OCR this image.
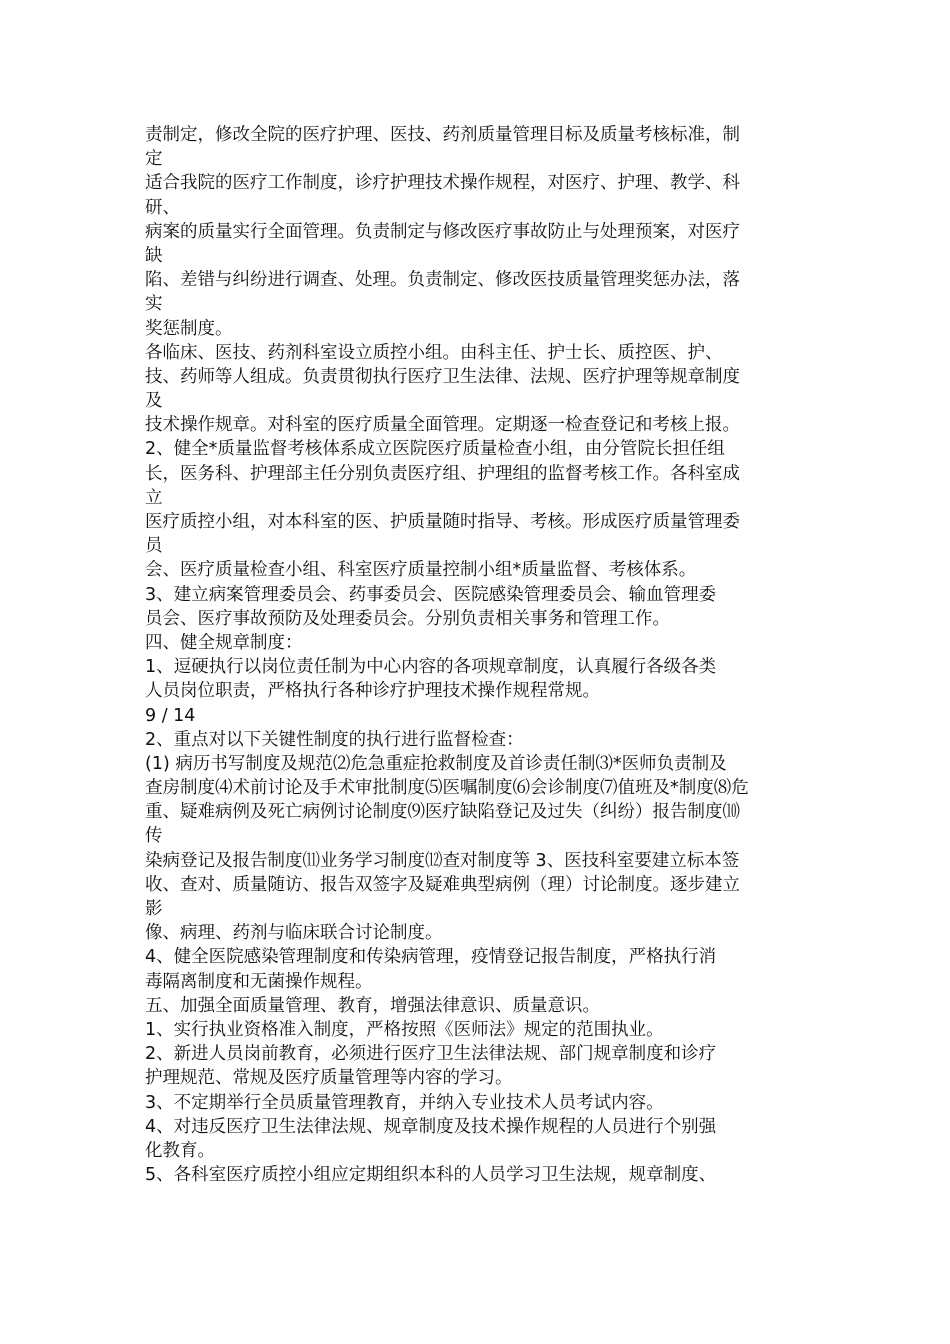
责制定，修改全院的医疗护理、医技、药剂质量管理目标及质量考核标准，制
定
适合我院的医疗工作制度，诊疗护理技术操作规程，对医疗、护理、教学、科
研、
病案的质量实行全面管理。负责制定与修改医疗事故防止与处理预案，对医疗
缺
陷、差错与纠纷进行调查、处理。负责制定、修改医技质量管理奖惩办法，落
实
奖惩制度。
各临床、医技、药剂科室设立质控小组。由科主任、护士长、质控医、护、
技、药师等人组成。负责贯彻执行医疗卫生法律、法规、医疗护理等规章制度
及
技术操作规章。对科室的医疗质量全面管理。定期逐一检查登记和考核上报。
2、健全*质量监督考核体系成立医院医疗质量检查小组，由分管院长担任组
长，医务科、护理部主任分别负责医疗组、护理组的监督考核工作。各科室成
立
医疗质控小组，对本科室的医、护质量随时指导、考核。形成医疗质量管理委
员
会、医疗质量检查小组、科室医疗质量控制小组*质量监督、考核体系。
3、建立病案管理委员会、药事委员会、医院感染管理委员会、输血管理委
员会、医疗事故预防及处理委员会。分别负责相关事务和管理工作。
四、健全规章制度：
1、逗硬执行以岗位责任制为中心内容的各项规章制度，认真履行各级各类
人员岗位职责，严格执行各种诊疗护理技术操作规程常规。
9 / 14
2、重点对以下关键性制度的执行进行监督检查：
(1) 病历书写制度及规范⑵危急重症抢救制度及首诊责任制⑶*医师负责制及
查房制度⑷术前讨论及手术审批制度⑸医嘱制度⑹会诊制度⑺值班及*制度⑻危
重、疑难病例及死亡病例讨论制度⑼医疗缺陷登记及过失（纠纷）报告制度⑽
传
染病登记及报告制度⑾业务学习制度⑿查对制度等 3、医技科室要建立标本签
收、查对、质量随访、报告双签字及疑难典型病例（理）讨论制度。逐步建立
影
像、病理、药剂与临床联合讨论制度。
4、健全医院感染管理制度和传染病管理，疫情登记报告制度，严格执行消
毒隔离制度和无菌操作规程。
五、加强全面质量管理、教育，增强法律意识、质量意识。
1、实行执业资格准入制度，严格按照《医师法》规定的范围执业。
2、新进人员岗前教育，必须进行医疗卫生法律法规、部门规章制度和诊疗
护理规范、常规及医疗质量管理等内容的学习。
3、不定期举行全员质量管理教育，并纳入专业技术人员考试内容。
4、对违反医疗卫生法律法规、规章制度及技术操作规程的人员进行个别强
化教育。
5、各科室医疗质控小组应定期组织本科的人员学习卫生法规，规章制度、
